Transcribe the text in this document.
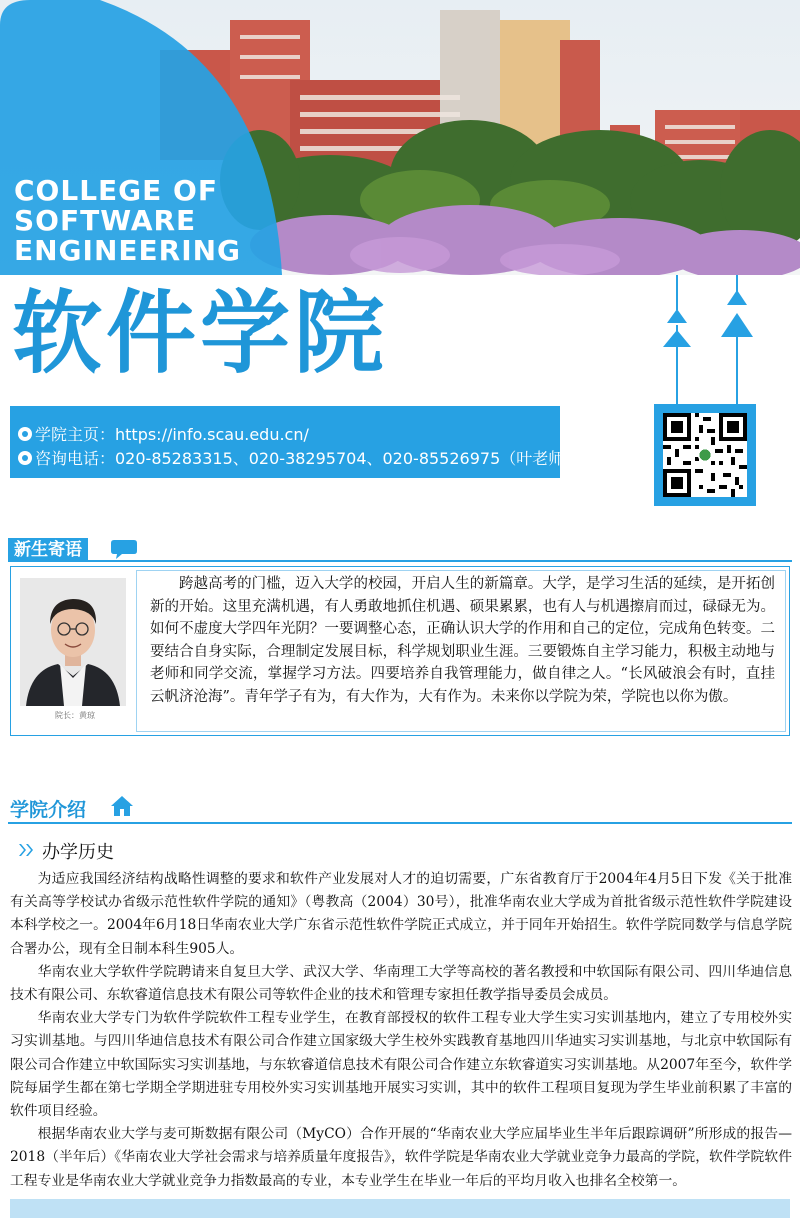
COLLEGE OF
SOFTWARE
ENGINEERING
软件学院
学院主页：https://info.scau.edu.cn/
咨询电话：020-85283315、020-38295704、020-85526975（叶老师）
新生寄语
院长：黄琼
跨越高考的门槛，迈入大学的校园，开启人生的新篇章。大学，是学习生活的延续，是开拓创新的开始。这里充满机遇，有人勇敢地抓住机遇、硕果累累，也有人与机遇擦肩而过，碌碌无为。如何不虚度大学四年光阴？一要调整心态，正确认识大学的作用和自己的定位，完成角色转变。二要结合自身实际，合理制定发展目标，科学规划职业生涯。三要锻炼自主学习能力，积极主动地与老师和同学交流，掌握学习方法。四要培养自我管理能力，做自律之人。“长风破浪会有时，直挂云帆济沧海”。青年学子有为，有大作为，大有作为。未来你以学院为荣，学院也以你为傲。
学院介绍
办学历史

为适应我国经济结构战略性调整的要求和软件产业发展对人才的迫切需要，广东省教育厅于2004年4月5日下发《关于批准有关高等学校试办省级示范性软件学院的通知》（粤教高（2004）30号），批准华南农业大学成为首批省级示范性软件学院建设本科学校之一。2004年6月18日华南农业大学广东省示范性软件学院正式成立，并于同年开始招生。软件学院同数学与信息学院合署办公，现有全日制本科生905人。

华南农业大学软件学院聘请来自复旦大学、武汉大学、华南理工大学等高校的著名教授和中软国际有限公司、四川华迪信息技术有限公司、东软睿道信息技术有限公司等软件企业的技术和管理专家担任教学指导委员会成员。

华南农业大学专门为软件学院软件工程专业学生，在教育部授权的软件工程专业大学生实习实训基地内，建立了专用校外实习实训基地。与四川华迪信息技术有限公司合作建立国家级大学生校外实践教育基地四川华迪实习实训基地，与北京中软国际有限公司合作建立中软国际实习实训基地，与东软睿道信息技术有限公司合作建立东软睿道实习实训基地。从2007年至今，软件学院每届学生都在第七学期全学期进驻专用校外实习实训基地开展实习实训，其中的软件工程项目复现为学生毕业前积累了丰富的软件项目经验。

根据华南农业大学与麦可斯数据有限公司（MyCO）合作开展的“华南农业大学应届毕业生半年后跟踪调研”所形成的报告—2018（半年后）《华南农业大学社会需求与培养质量年度报告》，软件学院是华南农业大学就业竞争力最高的学院，软件学院软件工程专业是华南农业大学就业竞争力指数最高的专业，本专业学生在毕业一年后的平均月收入也排名全校第一。
